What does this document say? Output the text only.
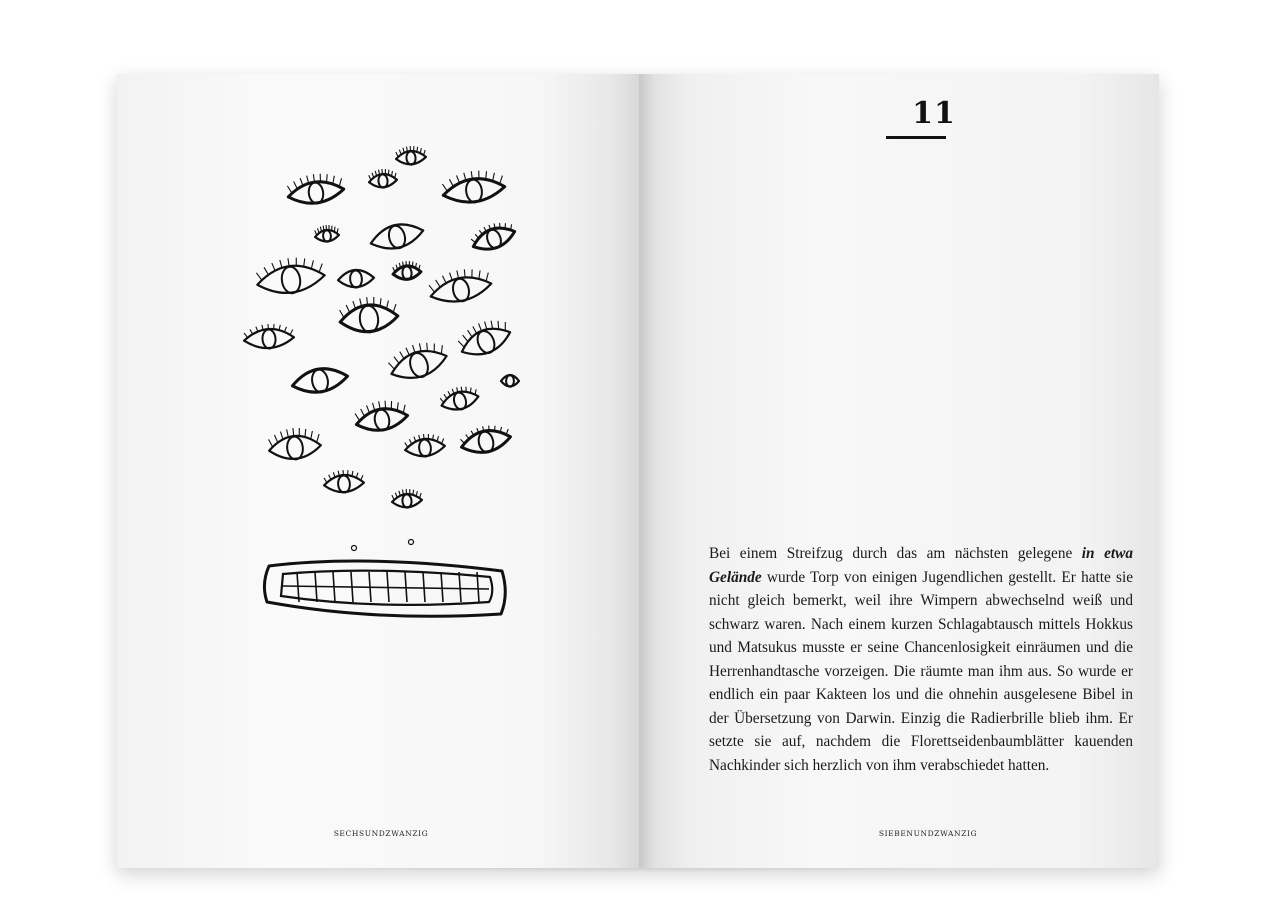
SECHSUNDZWANZIG
11

Bei einem Streifzug durch das am nächsten gelegene in etwa Gelände wurde Torp von einigen Jugendlichen gestellt. Er hatte sie nicht gleich bemerkt, weil ihre Wimpern abwechselnd weiß und schwarz waren. Nach einem kurzen Schlagabtausch mittels Hokkus und Matsukus musste er seine Chancenlosigkeit einräumen und die Herrenhandtasche vorzeigen. Die räumte man ihm aus. So wurde er endlich ein paar Kakteen los und die ohnehin ausgelesene Bibel in der Übersetzung von Darwin. Einzig die Radierbrille blieb ihm. Er setzte sie auf, nachdem die Florettseidenbaumblätter kauenden Nachkinder sich herzlich von ihm verabschiedet hatten.

SIEBENUNDZWANZIG
